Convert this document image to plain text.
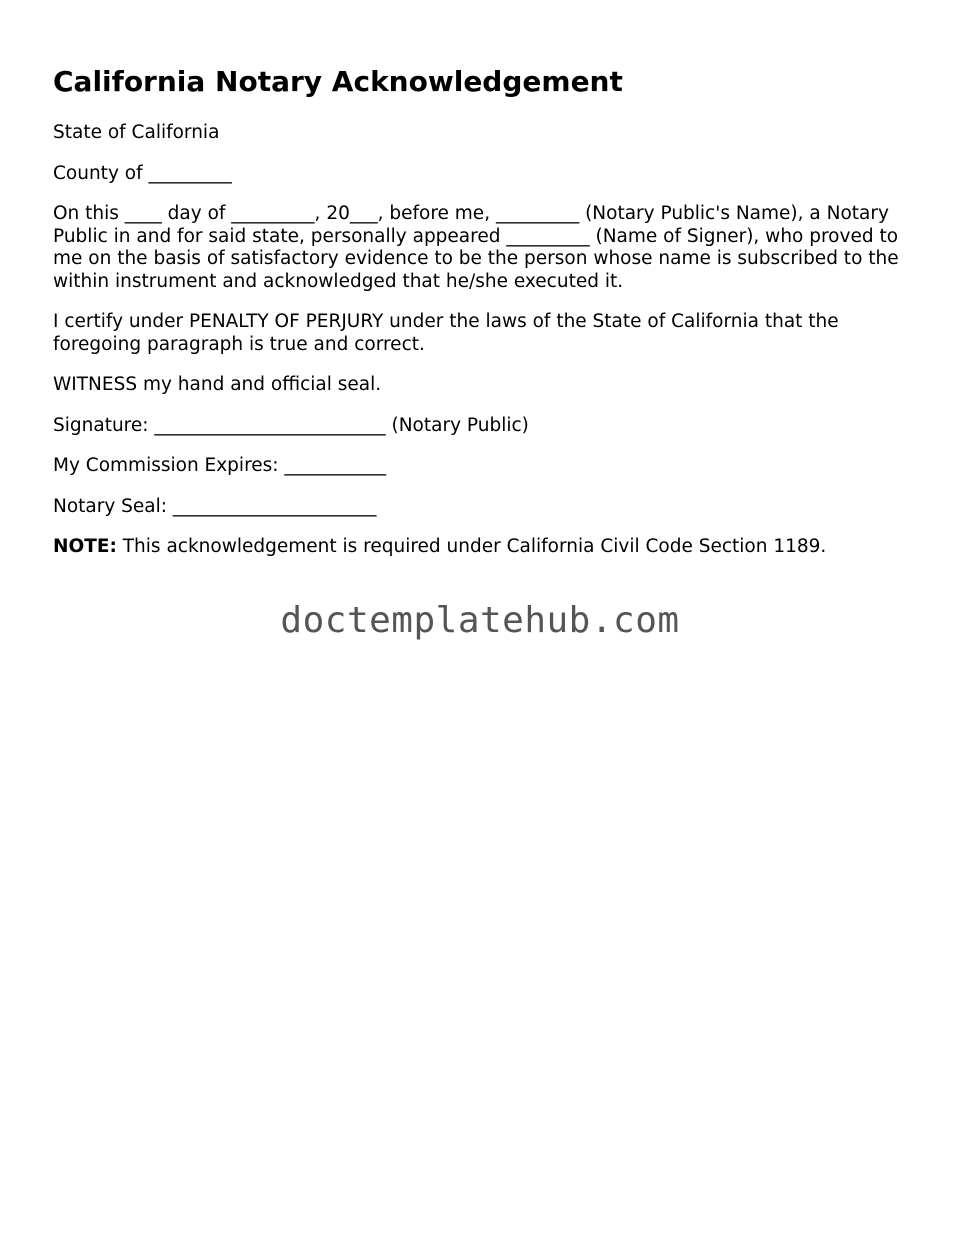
California Notary Acknowledgement

State of California

County of _________

On this ____ day of _________, 20___, before me, _________ (Notary Public's Name), a Notary Public in and for said state, personally appeared _________ (Name of Signer), who proved to me on the basis of satisfactory evidence to be the person whose name is subscribed to the within instrument and acknowledged that he/she executed it.

I certify under PENALTY OF PERJURY under the laws of the State of California that the foregoing paragraph is true and correct.

WITNESS my hand and official seal.

Signature: _________________________ (Notary Public)

My Commission Expires: ___________

Notary Seal: ______________________

NOTE: This acknowledgement is required under California Civil Code Section 1189.

doctemplatehub.com
